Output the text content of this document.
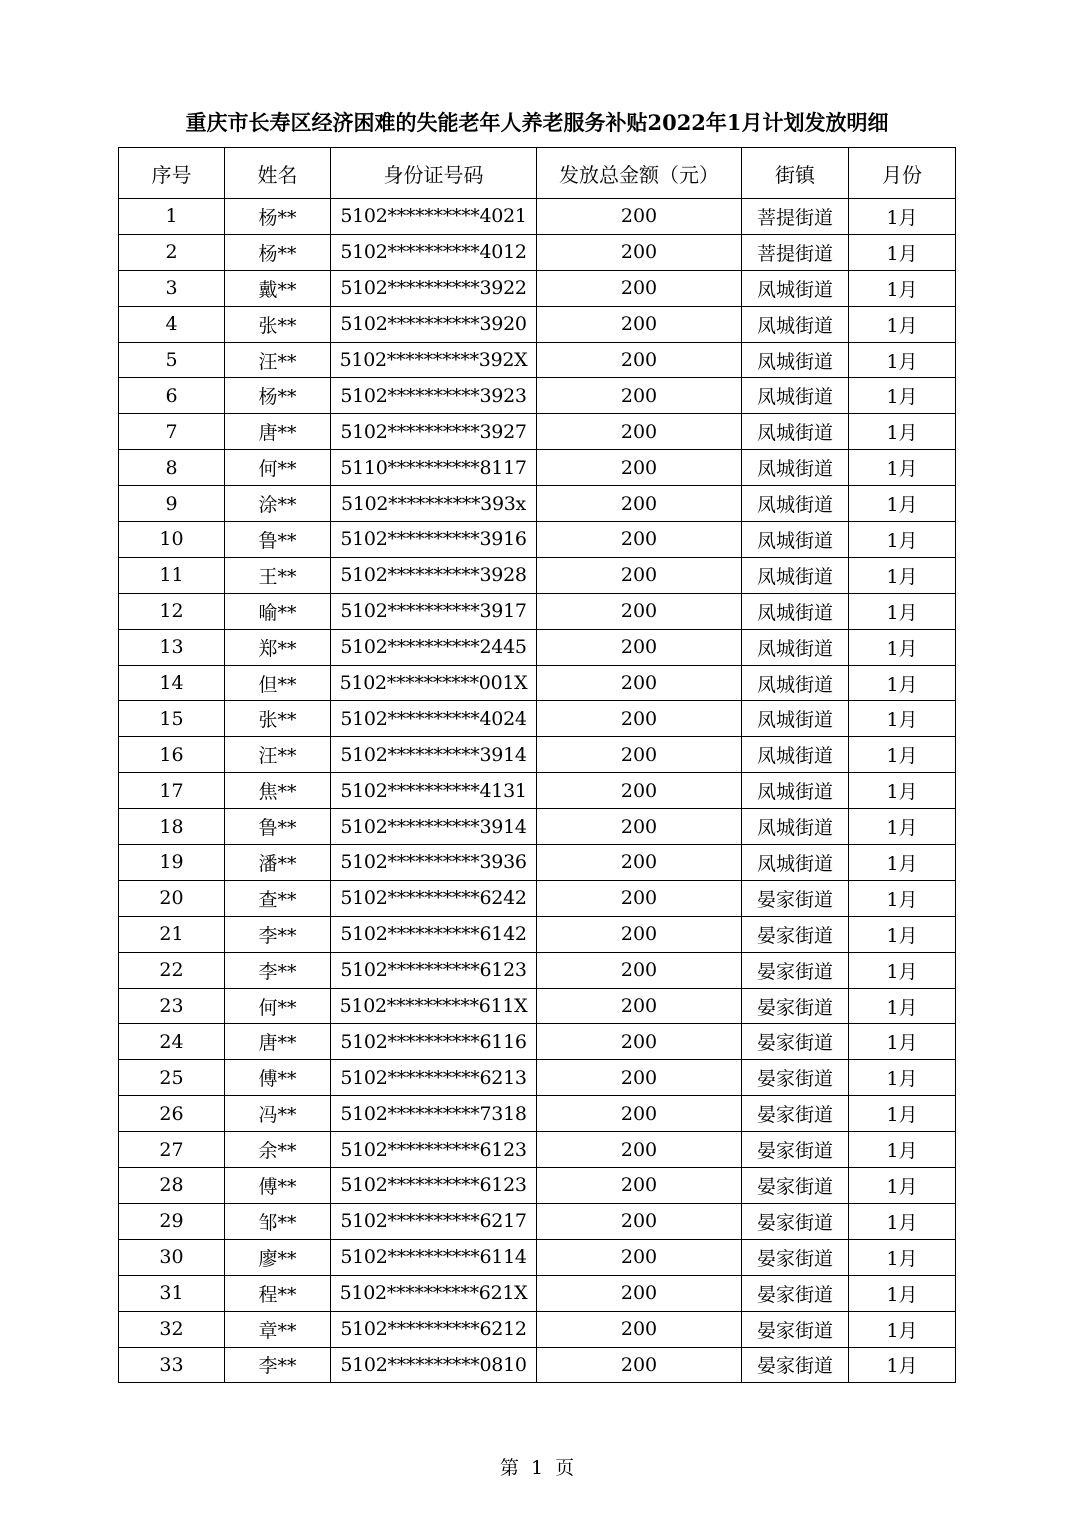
重庆市长寿区经济困难的失能老年人养老服务补贴2022年1月计划发放明细
序号	姓名	身份证号码	发放总金额（元）	街镇	月份
1	杨**	5102**********4021	200	菩提街道	1月
2	杨**	5102**********4012	200	菩提街道	1月
3	戴**	5102**********3922	200	凤城街道	1月
4	张**	5102**********3920	200	凤城街道	1月
5	汪**	5102**********392X	200	凤城街道	1月
6	杨**	5102**********3923	200	凤城街道	1月
7	唐**	5102**********3927	200	凤城街道	1月
8	何**	5110**********8117	200	凤城街道	1月
9	涂**	5102**********393x	200	凤城街道	1月
10	鲁**	5102**********3916	200	凤城街道	1月
11	王**	5102**********3928	200	凤城街道	1月
12	喻**	5102**********3917	200	凤城街道	1月
13	郑**	5102**********2445	200	凤城街道	1月
14	但**	5102**********001X	200	凤城街道	1月
15	张**	5102**********4024	200	凤城街道	1月
16	汪**	5102**********3914	200	凤城街道	1月
17	焦**	5102**********4131	200	凤城街道	1月
18	鲁**	5102**********3914	200	凤城街道	1月
19	潘**	5102**********3936	200	凤城街道	1月
20	查**	5102**********6242	200	晏家街道	1月
21	李**	5102**********6142	200	晏家街道	1月
22	李**	5102**********6123	200	晏家街道	1月
23	何**	5102**********611X	200	晏家街道	1月
24	唐**	5102**********6116	200	晏家街道	1月
25	傅**	5102**********6213	200	晏家街道	1月
26	冯**	5102**********7318	200	晏家街道	1月
27	余**	5102**********6123	200	晏家街道	1月
28	傅**	5102**********6123	200	晏家街道	1月
29	邹**	5102**********6217	200	晏家街道	1月
30	廖**	5102**********6114	200	晏家街道	1月
31	程**	5102**********621X	200	晏家街道	1月
32	章**	5102**********6212	200	晏家街道	1月
33	李**	5102**********0810	200	晏家街道	1月
第  1  页
